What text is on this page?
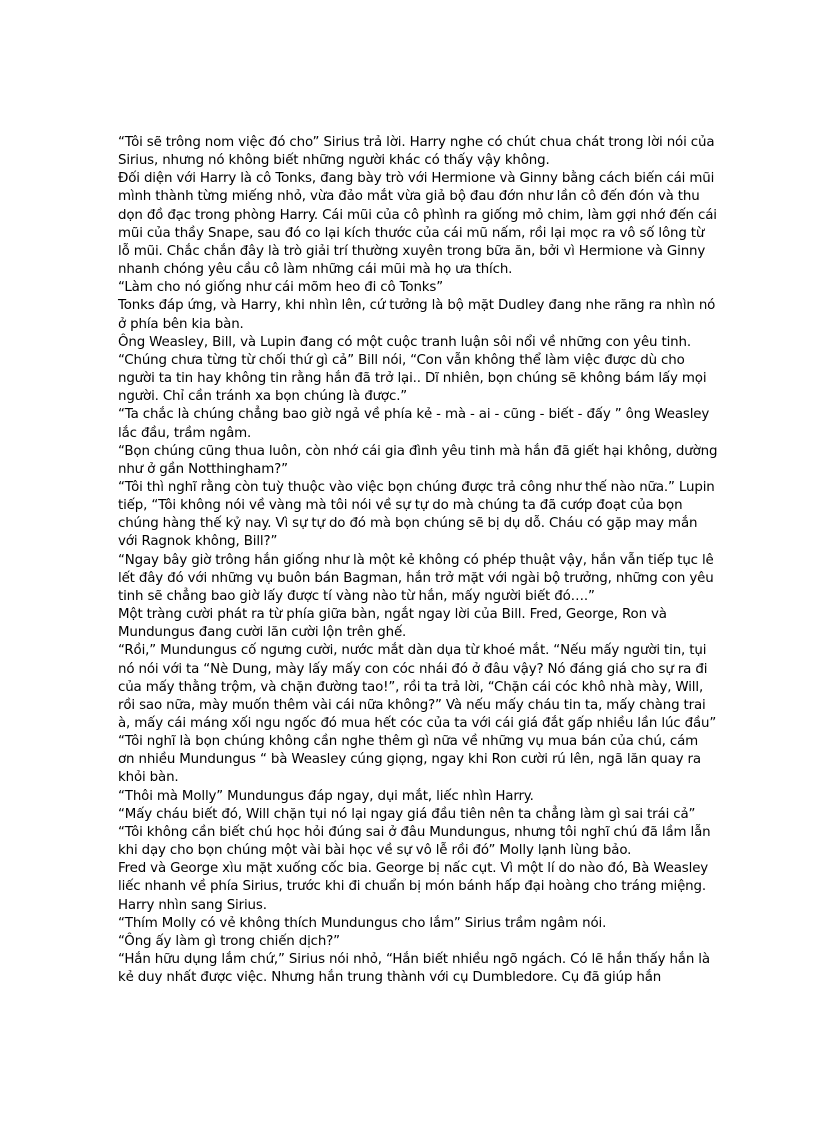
“Tôi sẽ trông nom việc đó cho” Sirius trả lời. Harry nghe có chút chua chát trong lời nói của Sirius, nhưng nó không biết những người khác có thấy vậy không.

Đối diện với Harry là cô Tonks, đang bày trò với Hermione và Ginny bằng cách biến cái mũi mình thành từng miếng nhỏ, vừa đảo mắt vừa giả bộ đau đớn như lần cô đến đón và thu dọn đồ đạc trong phòng Harry. Cái mũi của cô phình ra giống mỏ chim, làm gợi nhớ đến cái mũi của thầy Snape, sau đó co lại kích thước của cái mũ nấm, rồi lại mọc ra vô số lông từ lỗ mũi. Chắc chắn đây là trò giải trí thường xuyên trong bữa ăn, bởi vì Hermione và Ginny nhanh chóng yêu cầu cô làm những cái mũi mà họ ưa thích.

“Làm cho nó giống như cái mõm heo đi cô Tonks”

Tonks đáp ứng, và Harry, khi nhìn lên, cứ tưởng là bộ mặt Dudley đang nhe răng ra nhìn nó ở phía bên kia bàn.

Ông Weasley, Bill, và Lupin đang có một cuộc tranh luận sôi nổi về những con yêu tinh.

“Chúng chưa từng từ chối thứ gì cả” Bill nói, “Con vẫn không thể làm việc được dù cho người ta tin hay không tin rằng hắn đã trở lại.. Dĩ nhiên, bọn chúng sẽ không bám lấy mọi người. Chỉ cần tránh xa bọn chúng là được.”

“Ta chắc là chúng chẳng bao giờ ngả về phía kẻ - mà - ai - cũng - biết - đấy ” ông Weasley lắc đầu, trầm ngâm.

“Bọn chúng cũng thua luôn, còn nhớ cái gia đình yêu tinh mà hắn đã giết hại không, dường như ở gần Notthingham?”

“Tôi thì nghĩ rằng còn tuỳ thuộc vào việc bọn chúng được trả công như thế nào nữa.” Lupin tiếp, “Tôi không nói về vàng mà tôi nói về sự tự do mà chúng ta đã cướp đoạt của bọn chúng hàng thế kỷ nay. Vì sự tự do đó mà bọn chúng sẽ bị dụ dỗ. Cháu có gặp may mắn với Ragnok không, Bill?”

“Ngay bây giờ trông hắn giống như là một kẻ không có phép thuật vậy, hắn vẫn tiếp tục lê lết đây đó với những vụ buôn bán Bagman, hắn trở mặt với ngài bộ trưởng, những con yêu tinh sẽ chẳng bao giờ lấy được tí vàng nào từ hắn, mấy người biết đó….”

Một tràng cười phát ra từ phía giữa bàn, ngắt ngay lời của Bill. Fred, George, Ron và Mundungus đang cười lăn cười lộn trên ghế.

“Rồi,” Mundungus cố ngưng cười, nước mắt dàn dụa từ khoé mắt. “Nếu mấy người tin, tụi nó nói với ta “Nè Dung, mày lấy mấy con cóc nhái đó ở đâu vậy? Nó đáng giá cho sự ra đi của mấy thằng trộm, và chặn đường tao!”, rồi ta trả lời, “Chặn cái cóc khô nhà mày, Will, rồi sao nữa, mày muốn thêm vài cái nữa không?” Và nếu mấy cháu tin ta, mấy chàng trai à, mấy cái máng xối ngu ngốc đó mua hết cóc của ta với cái giá đắt gấp nhiều lần lúc đầu”

“Tôi nghĩ là bọn chúng không cần nghe thêm gì nữa về những vụ mua bán của chú, cám ơn nhiều Mundungus “ bà Weasley cúng giọng, ngay khi Ron cười rú lên, ngã lăn quay ra khỏi bàn.

“Thôi mà Molly” Mundungus đáp ngay, dụi mắt, liếc nhìn Harry.

“Mấy cháu biết đó, Will chặn tụi nó lại ngay giá đầu tiên nên ta chẳng làm gì sai trái cả”

“Tôi không cần biết chú học hỏi đúng sai ở đâu Mundungus, nhưng tôi nghĩ chú đã lầm lẫn khi dạy cho bọn chúng một vài bài học về sự vô lễ rồi đó” Molly lạnh lùng bảo.

Fred và George xìu mặt xuống cốc bia. George bị nấc cụt. Vì một lí do nào đó, Bà Weasley liếc nhanh về phía Sirius, trước khi đi chuẩn bị món bánh hấp đại hoàng cho tráng miệng. Harry nhìn sang Sirius.

“Thím Molly có vẻ không thích Mundungus cho lắm” Sirius trầm ngâm nói.

“Ông ấy làm gì trong chiến dịch?”

“Hắn hữu dụng lắm chứ,” Sirius nói nhỏ, “Hắn biết nhiều ngõ ngách. Có lẽ hắn thấy hắn là kẻ duy nhất được việc. Nhưng hắn trung thành với cụ Dumbledore. Cụ đã giúp hắn
